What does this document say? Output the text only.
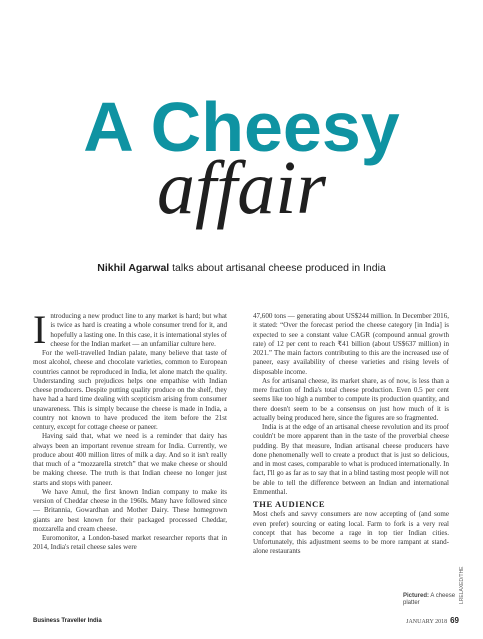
A Cheesy
affair
Nikhil Agarwal talks about artisanal cheese produced in India

Introducing a new product line to any market is hard; but what is twice as hard is creating a whole consumer trend for it, and hopefully a lasting one. In this case, it is international styles of cheese for the Indian market — an unfamiliar culture here.

For the well-travelled Indian palate, many believe that taste of most alcohol, cheese and chocolate varieties, common to European countries cannot be reproduced in India, let alone match the quality. Understanding such prejudices helps one empathise with Indian cheese producers. Despite putting quality produce on the shelf, they have had a hard time dealing with scepticism arising from consumer unawareness. This is simply because the cheese is made in India, a country not known to have produced the item before the 21st century, except for cottage cheese or paneer.

Having said that, what we need is a reminder that dairy has always been an important revenue stream for India. Currently, we produce about 400 million litres of milk a day. And so it isn't really that much of a “mozzarella stretch” that we make cheese or should be making cheese. The truth is that Indian cheese no longer just starts and stops with paneer.

We have Amul, the first known Indian company to make its version of Cheddar cheese in the 1960s. Many have followed since — Britannia, Gowardhan and Mother Dairy. These homegrown giants are best known for their packaged processed Cheddar, mozzarella and cream cheese.

Euromonitor, a London-based market researcher reports that in 2014, India's retail cheese sales were

47,600 tons — generating about US$244 million. In December 2016, it stated: “Over the forecast period the cheese category [in India] is expected to see a constant value CAGR (compound annual growth rate) of 12 per cent to reach ₹41 billion (about US$637 million) in 2021.” The main factors contributing to this are the increased use of paneer, easy availability of cheese varieties and rising levels of disposable income.

As for artisanal cheese, its market share, as of now, is less than a mere fraction of India's total cheese production. Even 0.5 per cent seems like too high a number to compute its production quantity, and there doesn't seem to be a consensus on just how much of it is actually being produced here, since the figures are so fragmented.

India is at the edge of an artisanal cheese revolution and its proof couldn't be more apparent than in the taste of the proverbial cheese pudding. By that measure, Indian artisanal cheese producers have done phenomenally well to create a product that is just so delicious, and in most cases, comparable to what is produced internationally. In fact, I'll go as far as to say that in a blind tasting most people will not be able to tell the difference between an Indian and international Emmenthal.

THE AUDIENCE

Most chefs and savvy consumers are now accepting of (and some even prefer) sourcing or eating local. Farm to fork is a very real concept that has become a rage in top tier Indian cities. Unfortunately, this adjustment seems to be more rampant at stand-alone restaurants

Pictured: A cheese platter	LRELAXED/THE
Business Traveller India	JANUARY 2018 69
